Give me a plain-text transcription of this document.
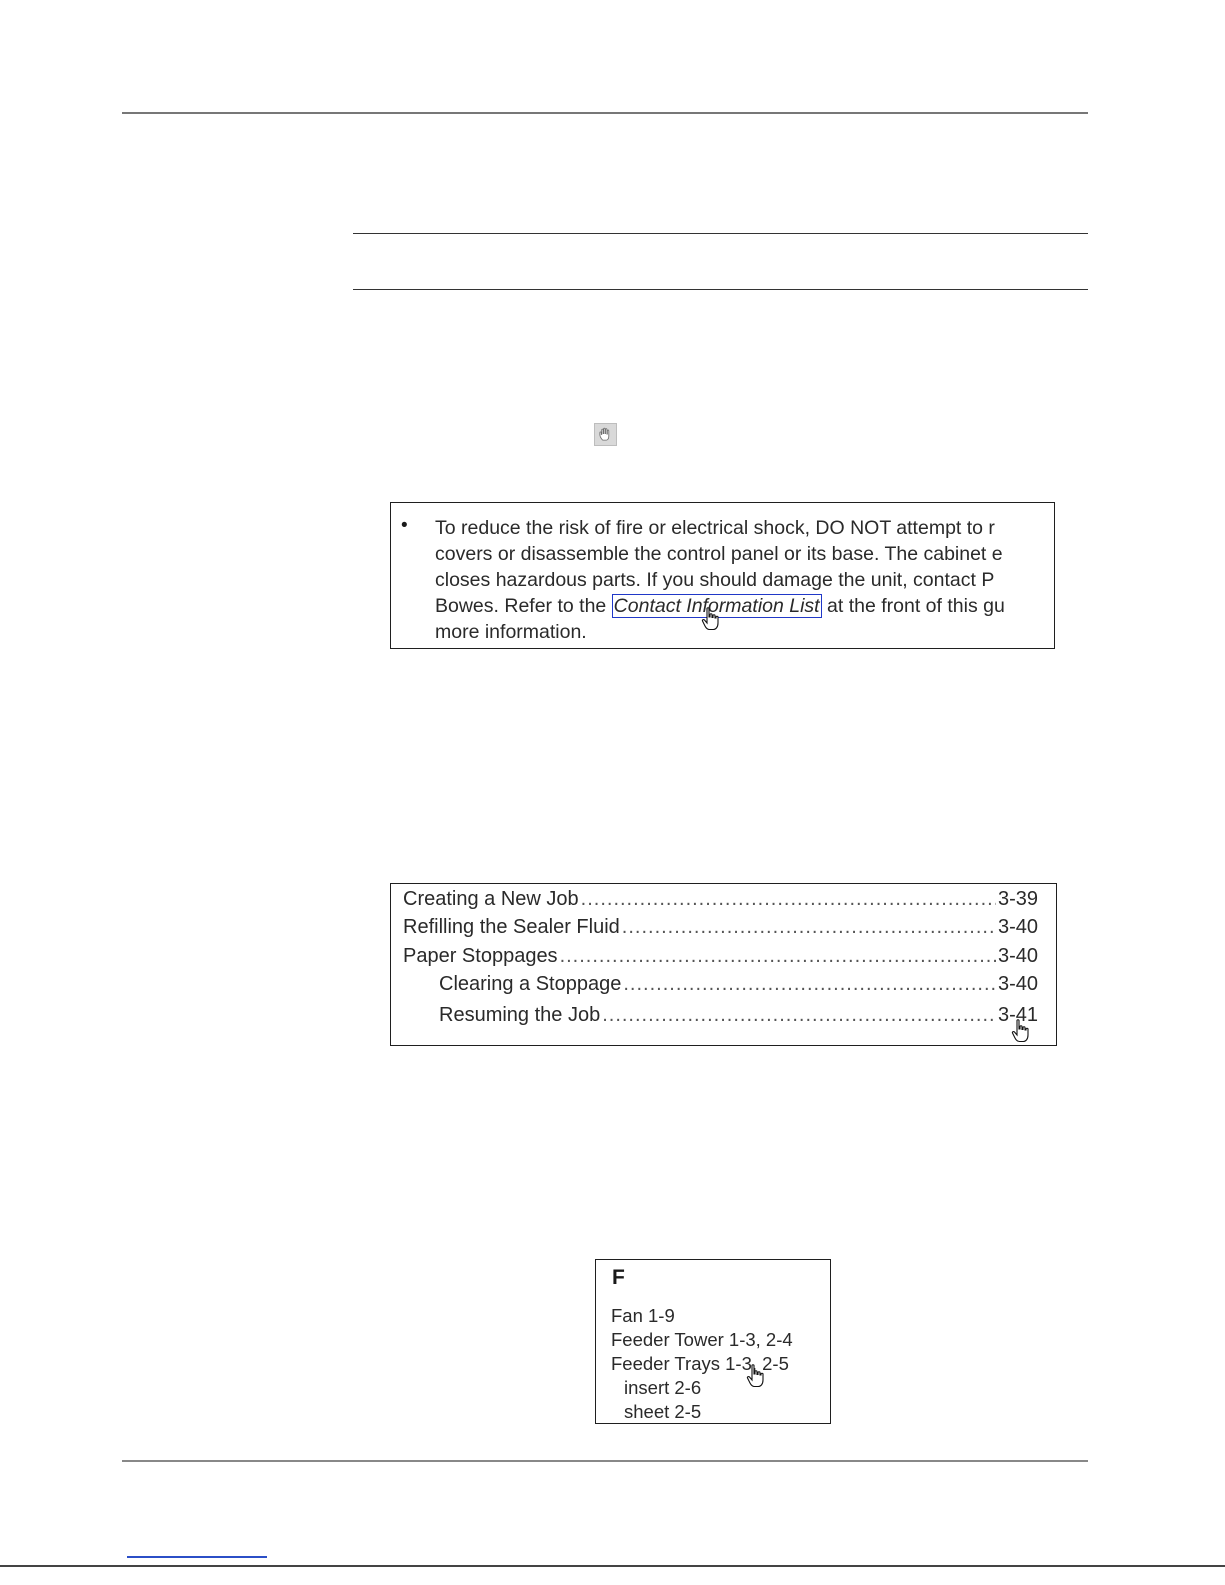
• To reduce the risk of fire or electrical shock, DO NOT attempt to r
covers or disassemble the control panel or its base. The cabinet e
closes hazardous parts. If you should damage the unit, contact P
Bowes. Refer to the Contact Information List at the front of this gu
more information.
Creating a New Job .....	3-39
Refilling the Sealer Fluid .....	3-40
Paper Stoppages .....	3-40
Clearing a Stoppage .....	3-40
Resuming the Job .....	3-41
F
Fan 1-9
Feeder Tower 1-3, 2-4
Feeder Trays 1-3, 2-5
insert 2-6
sheet 2-5
